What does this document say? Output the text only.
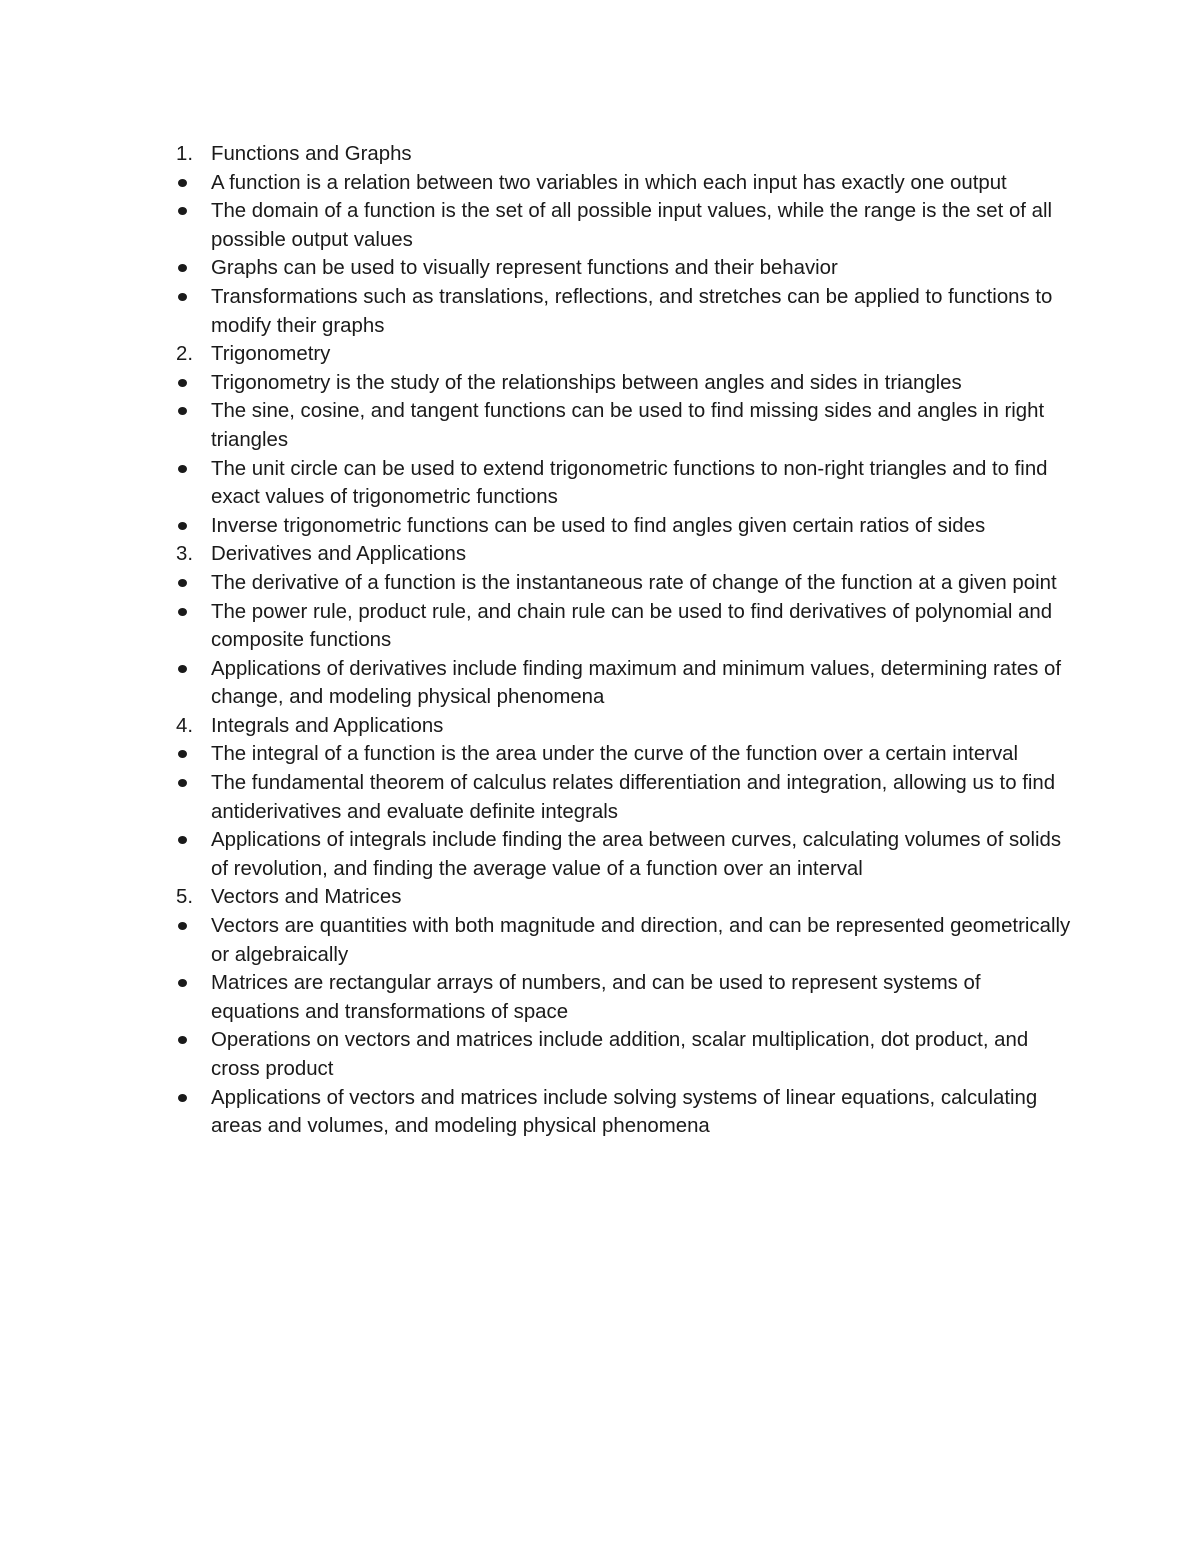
1. Functions and Graphs
A function is a relation between two variables in which each input has exactly one output
The domain of a function is the set of all possible input values, while the range is the set of all possible output values
Graphs can be used to visually represent functions and their behavior
Transformations such as translations, reflections, and stretches can be applied to functions to modify their graphs
2. Trigonometry
Trigonometry is the study of the relationships between angles and sides in triangles
The sine, cosine, and tangent functions can be used to find missing sides and angles in right triangles
The unit circle can be used to extend trigonometric functions to non-right triangles and to find exact values of trigonometric functions
Inverse trigonometric functions can be used to find angles given certain ratios of sides
3. Derivatives and Applications
The derivative of a function is the instantaneous rate of change of the function at a given point
The power rule, product rule, and chain rule can be used to find derivatives of polynomial and composite functions
Applications of derivatives include finding maximum and minimum values, determining rates of change, and modeling physical phenomena
4. Integrals and Applications
The integral of a function is the area under the curve of the function over a certain interval
The fundamental theorem of calculus relates differentiation and integration, allowing us to find antiderivatives and evaluate definite integrals
Applications of integrals include finding the area between curves, calculating volumes of solids of revolution, and finding the average value of a function over an interval
5. Vectors and Matrices
Vectors are quantities with both magnitude and direction, and can be represented geometrically or algebraically
Matrices are rectangular arrays of numbers, and can be used to represent systems of equations and transformations of space
Operations on vectors and matrices include addition, scalar multiplication, dot product, and cross product
Applications of vectors and matrices include solving systems of linear equations, calculating areas and volumes, and modeling physical phenomena
